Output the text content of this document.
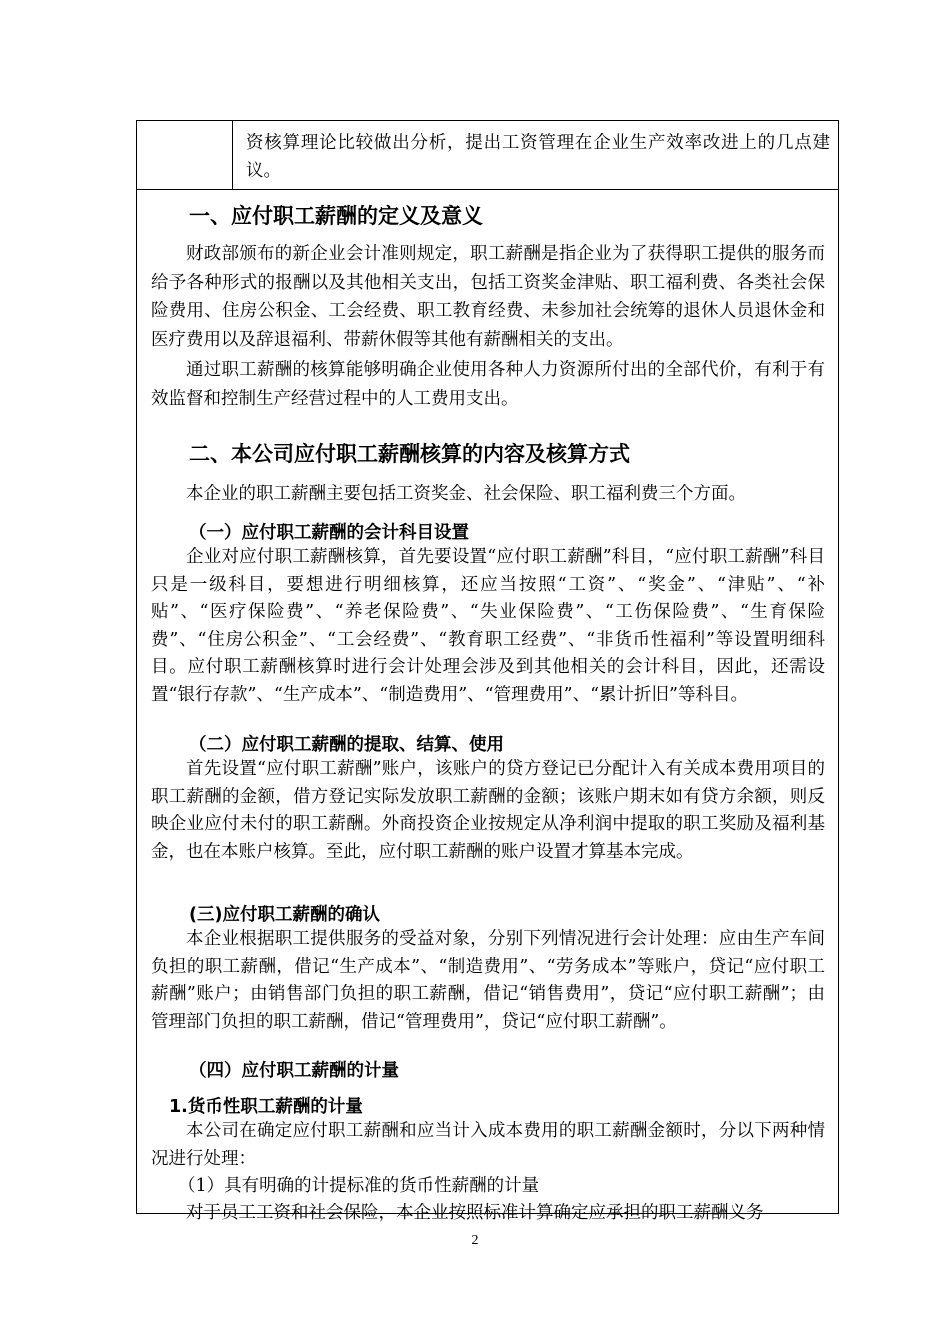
资核算理论比较做出分析，提出工资管理在企业生产效率改进上的几点建议。
一、应付职工薪酬的定义及意义
财政部颁布的新企业会计准则规定，职工薪酬是指企业为了获得职工提供的服务而给予各种形式的报酬以及其他相关支出，包括工资奖金津贴、职工福利费、各类社会保险费用、住房公积金、工会经费、职工教育经费、未参加社会统筹的退休人员退休金和医疗费用以及辞退福利、带薪休假等其他有薪酬相关的支出。
通过职工薪酬的核算能够明确企业使用各种人力资源所付出的全部代价，有利于有效监督和控制生产经营过程中的人工费用支出。
二、本公司应付职工薪酬核算的内容及核算方式
本企业的职工薪酬主要包括工资奖金、社会保险、职工福利费三个方面。
（一）应付职工薪酬的会计科目设置
企业对应付职工薪酬核算，首先要设置“应付职工薪酬”科目，“应付职工薪酬”科目只是一级科目，要想进行明细核算，还应当按照“工资”、“奖金”、“津贴”、“补贴”、“医疗保险费”、“养老保险费”、“失业保险费”、“工伤保险费”、“生育保险费”、“住房公积金”、“工会经费”、“教育职工经费”、“非货币性福利”等设置明细科目。应付职工薪酬核算时进行会计处理会涉及到其他相关的会计科目，因此，还需设置“银行存款”、“生产成本”、“制造费用”、“管理费用”、“累计折旧”等科目。
（二）应付职工薪酬的提取、结算、使用
首先设置“应付职工薪酬”账户，该账户的贷方登记已分配计入有关成本费用项目的职工薪酬的金额，借方登记实际发放职工薪酬的金额；该账户期末如有贷方余额，则反映企业应付未付的职工薪酬。外商投资企业按规定从净利润中提取的职工奖励及福利基金，也在本账户核算。至此，应付职工薪酬的账户设置才算基本完成。
(三)应付职工薪酬的确认
本企业根据职工提供服务的受益对象，分别下列情况进行会计处理：应由生产车间负担的职工薪酬，借记“生产成本”、“制造费用”、“劳务成本”等账户，贷记“应付职工薪酬”账户；由销售部门负担的职工薪酬，借记“销售费用”，贷记“应付职工薪酬”；由管理部门负担的职工薪酬，借记“管理费用”，贷记“应付职工薪酬”。
（四）应付职工薪酬的计量
1.货币性职工薪酬的计量
本公司在确定应付职工薪酬和应当计入成本费用的职工薪酬金额时，分以下两种情况进行处理：
（1）具有明确的计提标准的货币性薪酬的计量
对于员工工资和社会保险，本企业按照标准计算确定应承担的职工薪酬义务
2
